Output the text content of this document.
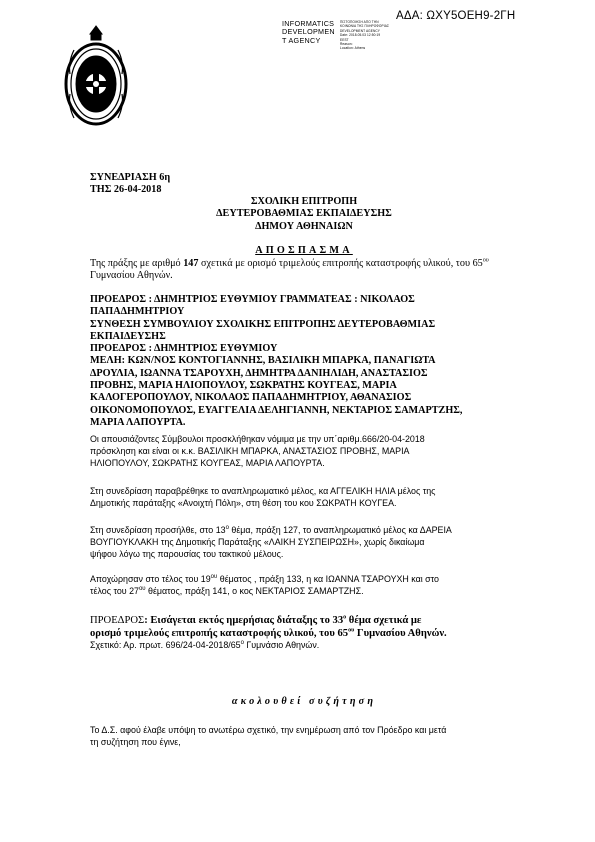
ΑΔΑ: ΩΧΥ5ΟΕΗ9-2ΓΗ
INFORMATICS
DEVELOPMEN
T AGENCY
ΠΙΣΤΟΠΟΙΗΣΗ ΑΠΟ ΤΗΝ
ΚΟΙΝΩΝΙΑ ΤΗΣ ΠΛΗΡΟΦΟΡΙΑΣ
DEVELOPMENT AGENCY
Date: 2018.05.03 12:50:19
EEST
Reason:
Location: Athens
ΣΥΝΕΔΡΙΑΣΗ 6η
ΤΗΣ 26-04-2018
ΣΧΟΛΙΚΗ ΕΠΙΤΡΟΠΗ
ΔΕΥΤΕΡΟΒΑΘΜΙΑΣ ΕΚΠΑΙΔΕΥΣΗΣ
ΔΗΜΟΥ ΑΘΗΝΑΙΩΝ
ΑΠΟΣΠΑΣΜΑ
Της πράξης με αριθμό 147 σχετικά με ορισμό τριμελούς επιτροπής καταστροφής υλικού, του $65^{o\upsilon}$ Γυμνασίου Αθηνών.
ΠΡΟΕΔΡΟΣ : ΔΗΜΗΤΡΙΟΣ ΕΥΘΥΜΙΟΥ ΓΡΑΜΜΑΤΕΑΣ : ΝΙΚΟΛΑΟΣ
ΠΑΠΑΔΗΜΗΤΡΙΟΥ
ΣΥΝΘΕΣΗ ΣΥΜΒΟΥΛΙΟΥ ΣΧΟΛΙΚΗΣ ΕΠΙΤΡΟΠΗΣ ΔΕΥΤΕΡΟΒΑΘΜΙΑΣ
ΕΚΠΑΙΔΕΥΣΗΣ
ΠΡΟΕΔΡΟΣ : ΔΗΜΗΤΡΙΟΣ ΕΥΘΥΜΙΟΥ
ΜΕΛΗ: ΚΩΝ/ΝΟΣ ΚΟΝΤΟΓΙΑΝΝΗΣ, ΒΑΣΙΛΙΚΗ ΜΠΑΡΚΑ, ΠΑΝΑΓΙΩΤΑ
ΔΡΟΥΛΙΑ, ΙΩΑΝΝΑ ΤΣΑΡΟΥΧΗ, ΔΗΜΗΤΡΑ ΔΑΝΙΗΛΙΔΗ, ΑΝΑΣΤΑΣΙΟΣ
ΠΡΟΒΗΣ, ΜΑΡΙΑ ΗΛΙΟΠΟΥΛΟΥ, ΣΩΚΡΑΤΗΣ ΚΟΥΓΕΑΣ, ΜΑΡΙΑ
ΚΑΛΟΓΕΡΟΠΟΥΛΟΥ, ΝΙΚΟΛΑΟΣ ΠΑΠΑΔΗΜΗΤΡΙΟΥ, ΑΘΑΝΑΣΙΟΣ
ΟΙΚΟΝΟΜΟΠΟΥΛΟΣ, ΕΥΑΓΓΕΛΙΑ ΔΕΛΗΓΙΑΝΝΗ, ΝΕΚΤΑΡΙΟΣ ΣΑΜΑΡΤΖΗΣ,
ΜΑΡΙΑ ΛΑΠΟΥΡΤΑ.
Οι απουσιάζοντες Σύμβουλοι προσκλήθηκαν νόμιμα με την υπ΄αριθμ.666/20-04-2018
πρόσκληση και είναι οι κ.κ. ΒΑΣΙΛΙΚΗ ΜΠΑΡΚΑ, ΑΝΑΣΤΑΣΙΟΣ ΠΡΟΒΗΣ, ΜΑΡΙΑ
ΗΛΙΟΠΟΥΛΟΥ, ΣΩΚΡΑΤΗΣ ΚΟΥΓΕΑΣ, ΜΑΡΙΑ ΛΑΠΟΥΡΤΑ.
Στη συνεδρίαση παραβρέθηκε το αναπληρωματικό μέλος, κα ΑΓΓΕΛΙΚΗ ΗΛΙΑ μέλος της
Δημοτικής παράταξης «Ανοιχτή Πόλη», στη θέση του κου ΣΩΚΡΑΤΗ ΚΟΥΓΕΑ.
Στη συνεδρίαση προσήλθε, στο $13^o$ θέμα, πράξη 127, το αναπληρωματικό μέλος κα ΔΑΡΕΙΑ
ΒΟΥΓΙΟΥΚΛΑΚΗ της Δημοτικής Παράταξης «ΛΑΙΚΗ ΣΥΣΠΕΙΡΩΣΗ», χωρίς δικαίωμα
ψήφου λόγω της παρουσίας του τακτικού μέλους.
Αποχώρησαν στο τέλος του $19^{o\upsilon}$ θέματος , πράξη 133, η κα ΙΩΑΝΝΑ ΤΣΑΡΟΥΧΗ και στο
τέλος του $27^{o\upsilon}$ θέματος, πράξη 141, ο κος ΝΕΚΤΑΡΙΟΣ ΣΑΜΑΡΤΖΗΣ.
ΠΡΟΕΔΡΟΣ: Εισάγεται εκτός ημερήσιας διάταξης το $33^o$ θέμα σχετικά με
ορισμό τριμελούς επιτροπής καταστροφής υλικού, του $65^{o\upsilon}$ Γυμνασίου Αθηνών.
Σχετικό: Αρ. πρωτ. $696/24-04-2018/65^o$ Γυμνάσιο Αθηνών.
ακολουθεί συζήτηση
Το Δ.Σ. αφού έλαβε υπόψη το ανωτέρω σχετικό, την ενημέρωση από τον Πρόεδρο και μετά
τη συζήτηση που έγινε,
